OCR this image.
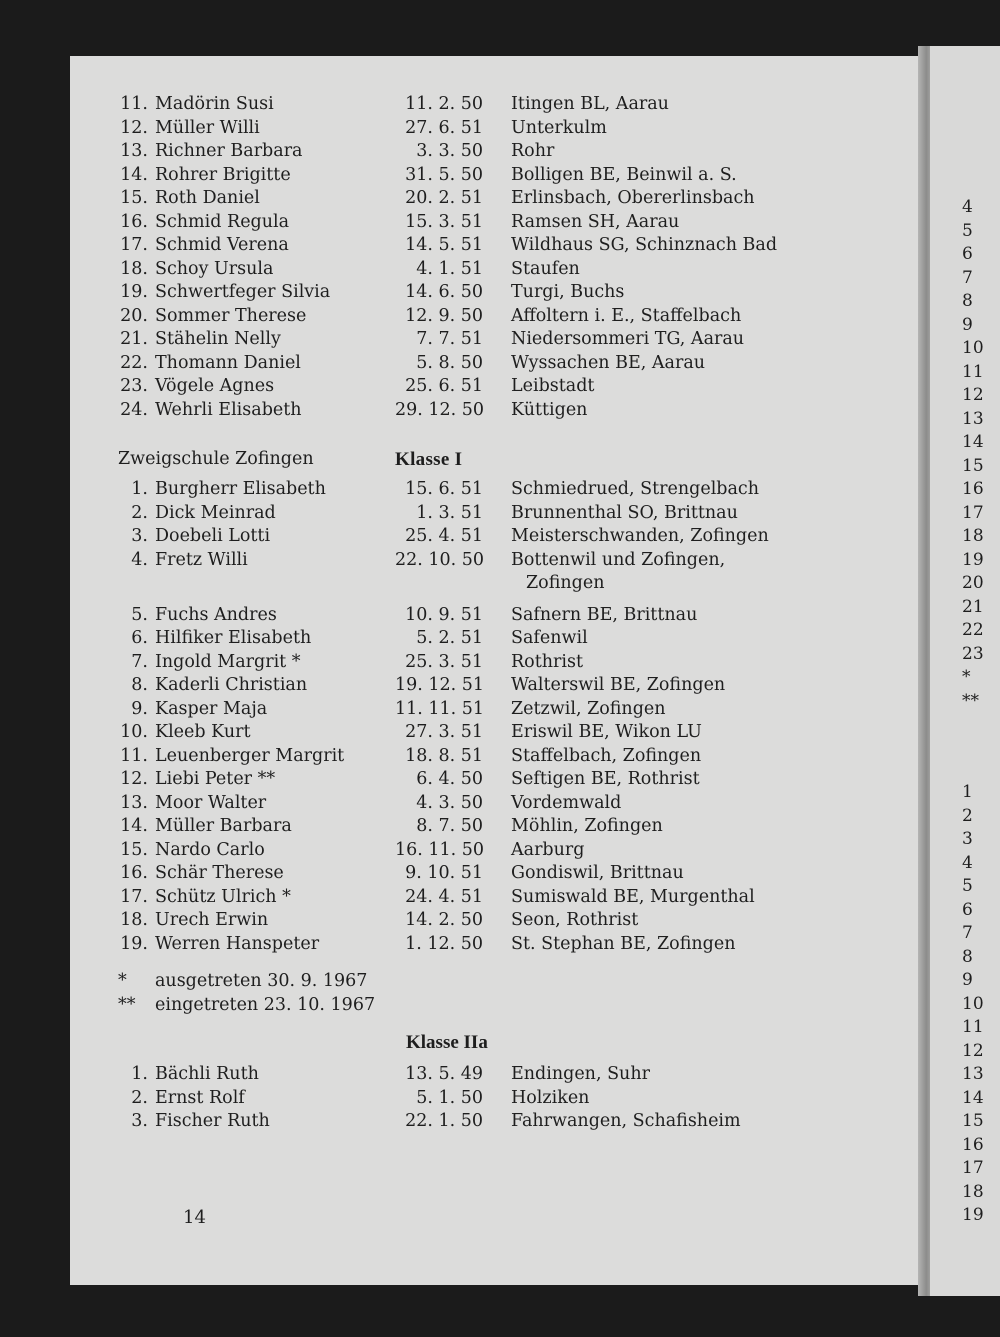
4
5
6
7
8
9
10
11
12
13
14
15
16
17
18
19
20
21
22
23
*
**
1
2
3
4
5
6
7
8
9
10
11
12
13
14
15
16
17
18
19
11. Madörin Susi	11. 2. 50	Itingen BL, Aarau
12. Müller Willi	27. 6. 51	Unterkulm
13. Richner Barbara	3. 3. 50	Rohr
14. Rohrer Brigitte	31. 5. 50	Bolligen BE, Beinwil a. S.
15. Roth Daniel	20. 2. 51	Erlinsbach, Obererlinsbach
16. Schmid Regula	15. 3. 51	Ramsen SH, Aarau
17. Schmid Verena	14. 5. 51	Wildhaus SG, Schinznach Bad
18. Schoy Ursula	4. 1. 51	Staufen
19. Schwertfeger Silvia	14. 6. 50	Turgi, Buchs
20. Sommer Therese	12. 9. 50	Affoltern i. E., Staffelbach
21. Stähelin Nelly	7. 7. 51	Niedersommeri TG, Aarau
22. Thomann Daniel	5. 8. 50	Wyssachen BE, Aarau
23. Vögele Agnes	25. 6. 51	Leibstadt
24. Wehrli Elisabeth	29. 12. 50	Küttigen
Zweigschule Zofingen	Klasse I
1. Burgherr Elisabeth	15. 6. 51	Schmiedrued, Strengelbach
2. Dick Meinrad	1. 3. 51	Brunnenthal SO, Brittnau
3. Doebeli Lotti	25. 4. 51	Meisterschwanden, Zofingen
4. Fretz Willi	22. 10. 50	Bottenwil und Zofingen,
Zofingen
5. Fuchs Andres	10. 9. 51	Safnern BE, Brittnau
6. Hilfiker Elisabeth	5. 2. 51	Safenwil
7. Ingold Margrit *	25. 3. 51	Rothrist
8. Kaderli Christian	19. 12. 51	Walterswil BE, Zofingen
9. Kasper Maja	11. 11. 51	Zetzwil, Zofingen
10. Kleeb Kurt	27. 3. 51	Eriswil BE, Wikon LU
11. Leuenberger Margrit	18. 8. 51	Staffelbach, Zofingen
12. Liebi Peter **	6. 4. 50	Seftigen BE, Rothrist
13. Moor Walter	4. 3. 50	Vordemwald
14. Müller Barbara	8. 7. 50	Möhlin, Zofingen
15. Nardo Carlo	16. 11. 50	Aarburg
16. Schär Therese	9. 10. 51	Gondiswil, Brittnau
17. Schütz Ulrich *	24. 4. 51	Sumiswald BE, Murgenthal
18. Urech Erwin	14. 2. 50	Seon, Rothrist
19. Werren Hanspeter	1. 12. 50	St. Stephan BE, Zofingen
*	ausgetreten 30. 9. 1967
**	eingetreten 23. 10. 1967
Klasse IIa
1. Bächli Ruth	13. 5. 49	Endingen, Suhr
2. Ernst Rolf	5. 1. 50	Holziken
3. Fischer Ruth	22. 1. 50	Fahrwangen, Schafisheim
14
